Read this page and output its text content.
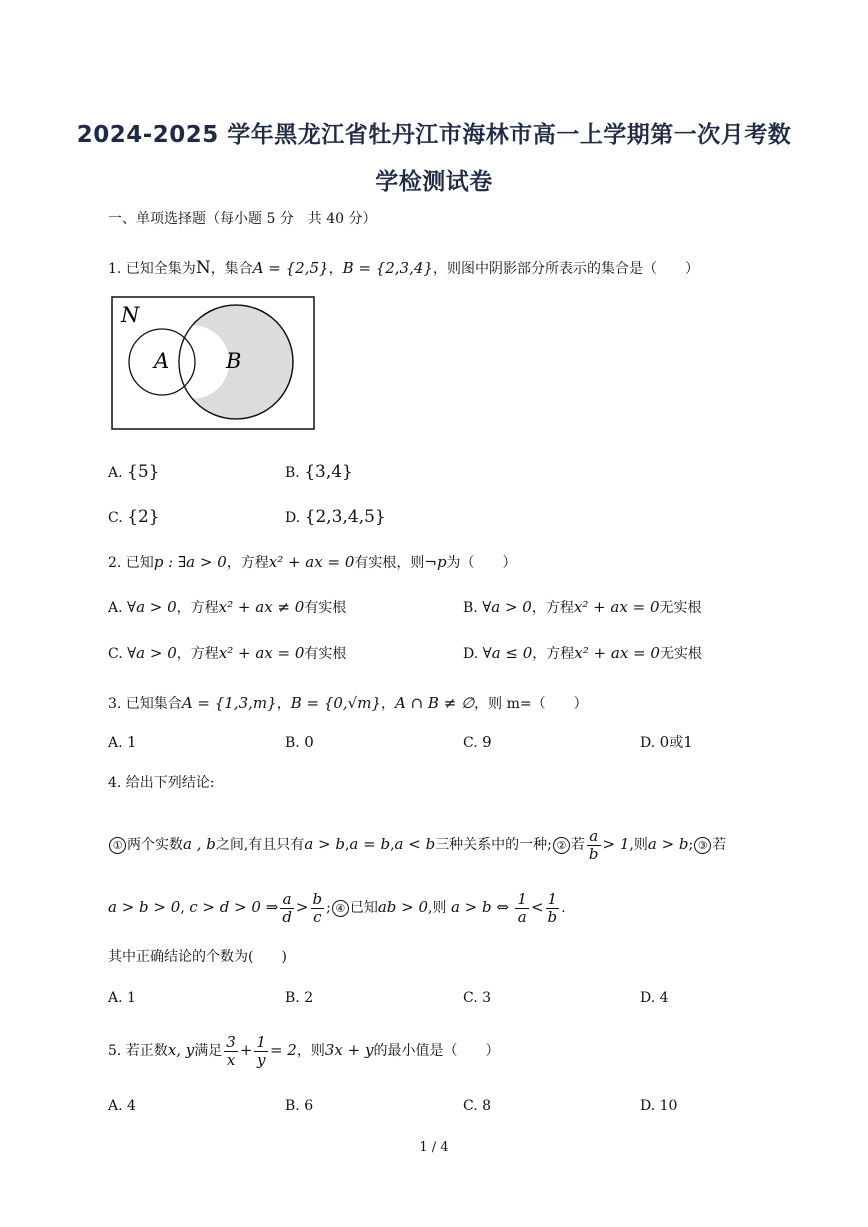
2024-2025 学年黑龙江省牡丹江市海林市高一上学期第一次月考数
学检测试卷
一、单项选择题（每小题 5 分　共 40 分）
1. 已知全集为N，集合A = {2,5}，B = {2,3,4}，则图中阴影部分所表示的集合是（　　）
N
A	B
A. {5}	B. {3,4}
C. {2}	D. {2,3,4,5}
2. 已知p : ∃a > 0，方程x² + ax = 0有实根，则¬p为（　　）
A. ∀a > 0，方程x² + ax ≠ 0有实根	B. ∀a > 0，方程x² + ax = 0无实根
C. ∀a > 0，方程x² + ax = 0有实根	D. ∀a ≤ 0，方程x² + ax = 0无实根
3. 已知集合A = {1,3,m}，B = {0,√m}，A ∩ B ≠ ∅，则 m=（　　）
A. 1	B. 0	C. 9	D. 0或1
4. 给出下列结论:
① 两个实数a , b之间,有且只有a > b,a = b,a < b三种关系中的一种; ② 若 $\frac{a}{b} > 1$,则a > b; ③ 若
a > b > 0, c > d > 0 ⇒ $\frac{a}{d} > \frac{b}{c}$ ; ④ 已知ab > 0,则 a > b ⇔ $\frac{1}{a} < \frac{1}{b}$ .
其中正确结论的个数为(　　)
A. 1	B. 2	C. 3	D. 4
5. 若正数x, y满足 $\frac{3}{x} + \frac{1}{y} = 2$，则3x + y的最小值是（　　）
A. 4	B. 6	C. 8	D. 10
1 / 4
